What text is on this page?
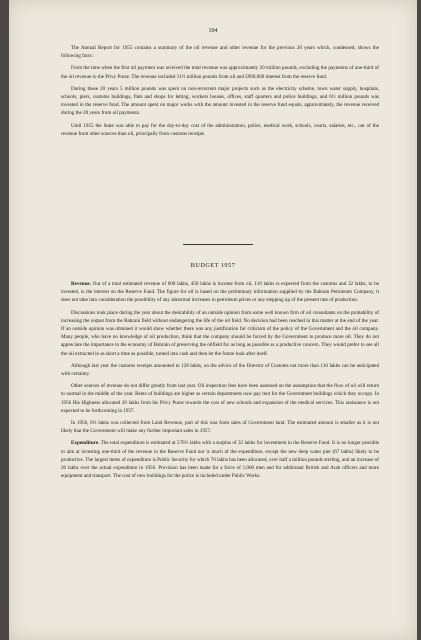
104

The Annual Report for 1955 contains a summary of the oil revenue and other revenue for the previous 20 years which, condensed, shows the following facts :

From the time when the first oil payment was received the total revenue was approximately 20 million pounds, excluding the payments of one-third of the oil revenue to the Privy Purse. The revenue included 11½ million pounds from oil and £900,000 interest from the reserve fund.

During these 20 years 5 million pounds was spent on non-recurrent major projects such as the electricity scheme, town water supply, hospitals, schools, piers, customs buildings, flats and shops for letting, workers houses, offices, staff quarters and police buildings, and 6½ million pounds was invested in the reserve fund. The amount spent on major works with the amount invested in the reserve fund equals, approximately, the revenue received during the 20 years from oil payments.

Until 1955 the State was able to pay for the day-to-day cost of the administration, police, medical work, schools, courts, salaries, etc., out of the revenue from other sources than oil, principally from customs receipts.

BUDGET 1957

Revenue. Out of a total estimated revenue of 608 lakhs, 450 lakhs is income from oil, 110 lakhs is expected from the customs and 32 lakhs, to be invested, is the interest on the Reserve Fund. The figure for oil is based on the preliminary information supplied by the Bahrain Petroleum Company, it does not take into consideration the possibility of any abnormal increases in petroleum prices or any stepping up of the present rate of production.

Discussions took place during the year about the desirability of an outside opinion from some well known firm of oil consultants on the probability of increasing the output from the Bahrain field without endangering the life of the oil field. No decision had been reached in this matter at the end of the year. If an outside opinion was obtained it would show whether there was any justification for criticism of the policy of the Government and the oil company. Many people, who have no knowledge of oil production, think that the company should be forced by the Government to produce more oil. They do not appreciate the importance to the economy of Bahrain of preserving the oilfield for as long as possible as a productive concern. They would prefer to see all the oil extracted in as short a time as possible, turned into cash and then let the future look after itself.

Although last year the customs receipts amounted to 128 lakhs, on the advice of the Director of Customs not more than 110 lakhs can be anticipated with certainty.

Other sources of revenue do not differ greatly from last year. Oil inspection fees have been assessed on the assumption that the flow of oil will return to normal in the middle of the year. Rents of buildings are higher as certain departments now pay rent for the Government buildings which they occupy. In 1956 His Highness allocated 20 lakhs from his Privy Purse towards the cost of new schools and expansion of the medical services. This assistance is not expected to be forthcoming in 1957.

In 1956, 6½ lakhs was collected from Land Revenue, part of this was from sales of Government land. The estimated amount is smaller as it is not likely that the Government will make any further important sales in 1957.

Expenditure. The total expenditure is estimated at 576½ lakhs with a surplus of 32 lakhs for investment in the Reserve Fund. It is no longer possible to aim at investing one-third of the revenue in the Reserve Fund nor is much of the expenditure, except the new deep water pier (67 lakhs) likely to be productive. The largest items of expenditure is Public Security for which 70 lakhs has been allocated, over half a million pounds sterling, and an increase of 20 lakhs over the actual expenditure in 1956. Provision has been made for a force of 1,000 men and for additional British and Arab officers and more equipment and transport. The cost of new buildings for the police is included under Public Works.
